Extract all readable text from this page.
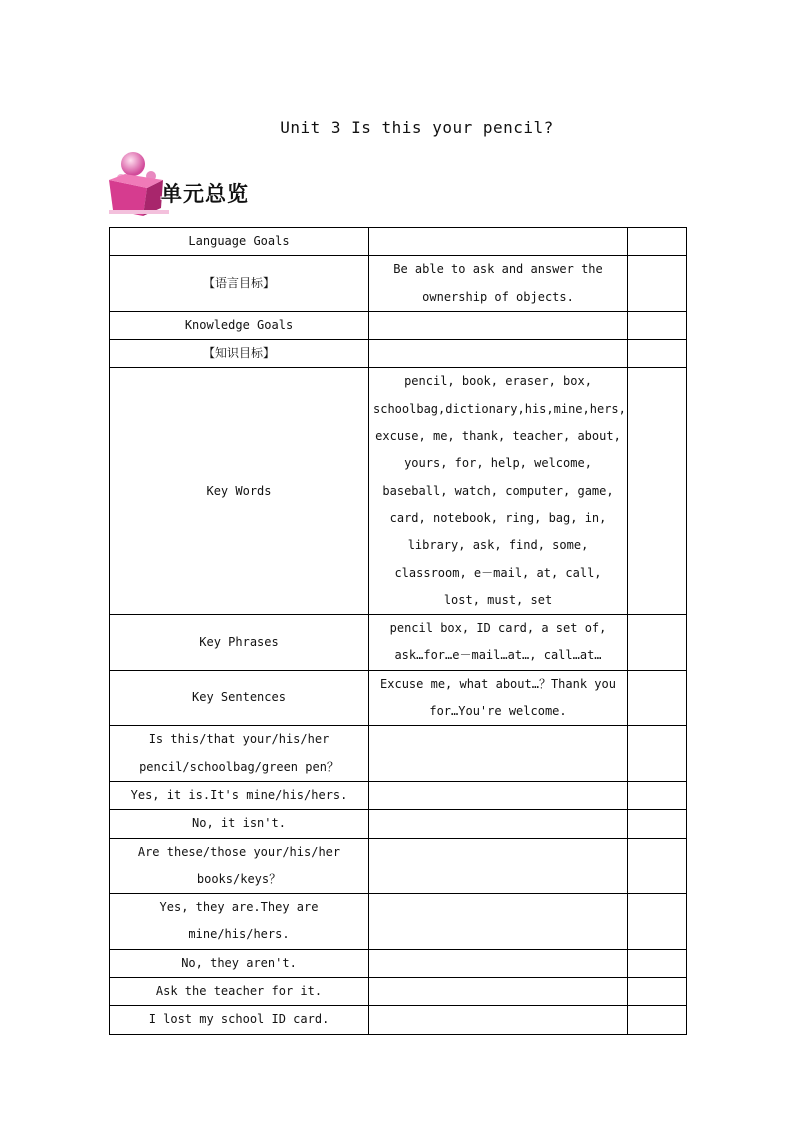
Unit 3 Is this your pencil?
单元总览
Language Goals		
【语言目标】	Be able to ask and answer the ownership of objects.	
Knowledge Goals		
【知识目标】		
Key Words	pencil, book, eraser, box, schoolbag,dictionary,his,mine,hers, excuse, me, thank, teacher, about, yours, for, help, welcome, baseball, watch, computer, game, card, notebook, ring, bag, in, library, ask, find, some, classroom, e－mail, at, call, lost, must, set	
Key Phrases	pencil box, ID card, a set of, ask…for…e－mail…at…, call…at…	
Key Sentences	Excuse me, what about…？Thank you for…You're welcome.	
Is this/that your/his/her pencil/schoolbag/green pen？		
Yes, it is.It's mine/his/hers.		
No, it isn't.		
Are these/those your/his/her books/keys？		
Yes, they are.They are mine/his/hers.		
No, they aren't.		
Ask the teacher for it.		
I lost my school ID card.		
